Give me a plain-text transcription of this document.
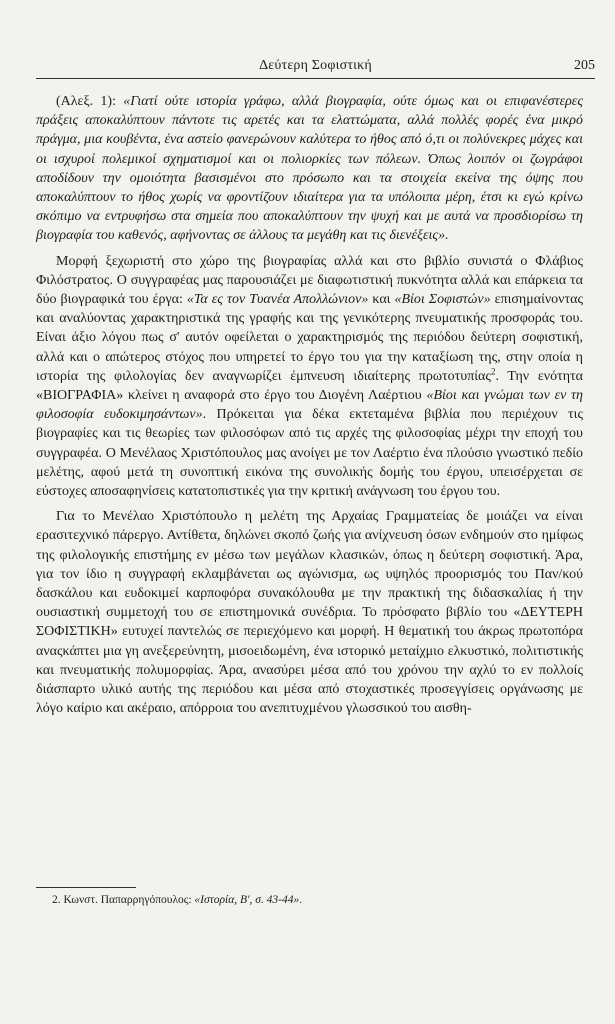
Δεύτερη Σοφιστική	205

(Αλεξ. 1): «Γιατί ούτε ιστορία γράφω, αλλά βιογραφία, ούτε όμως και οι επιφανέστερες πράξεις αποκαλύπτουν πάντοτε τις αρετές και τα ελαττώματα, αλλά πολλές φορές ένα μικρό πράγμα, μια κουβέντα, ένα αστείο φανερώνουν καλύτερα το ήθος από ό,τι οι πολύνεκρες μάχες και οι ισχυροί πολεμικοί σχηματισμοί και οι πολιορκίες των πόλεων. Όπως λοιπόν οι ζωγράφοι αποδίδουν την ομοιότητα βασισμένοι στο πρόσωπο και τα στοιχεία εκείνα της όψης που αποκαλύπτουν το ήθος χωρίς να φροντίζουν ιδιαίτερα για τα υπόλοιπα μέρη, έτσι κι εγώ κρίνω σκόπιμο να εντρυφήσω στα σημεία που αποκαλύπτουν την ψυχή και με αυτά να προσδιορίσω τη βιογραφία του καθενός, αφήνοντας σε άλλους τα μεγάθη και τις διενέξεις».

Μορφή ξεχωριστή στο χώρο της βιογραφίας αλλά και στο βιβλίο συνιστά ο Φλάβιος Φιλόστρατος. Ο συγγραφέας μας παρουσιάζει με διαφωτιστική πυκνότητα αλλά και επάρκεια τα δύο βιογραφικά του έργα: «Τα ες τον Τυανέα Απολλώνιον» και «Βίοι Σοφιστών» επισημαίνοντας και αναλύοντας χαρακτηριστικά της γραφής και της γενικότερης πνευματικής προσφοράς του. Είναι άξιο λόγου πως σ' αυτόν οφείλεται ο χαρακτηρισμός της περιόδου δεύτερη σοφιστική, αλλά και ο απώτερος στόχος που υπηρετεί το έργο του για την καταξίωση της, στην οποία η ιστορία της φιλολογίας δεν αναγνωρίζει έμπνευση ιδιαίτερης πρωτοτυπίας$^2$. Την ενότητα «ΒΙΟΓΡΑΦΙΑ» κλείνει η αναφορά στο έργο του Διογένη Λαέρτιου «Βίοι και γνώμαι των εν τη φιλοσοφία ευδοκιμησάντων». Πρόκειται για δέκα εκτεταμένα βιβλία που περιέχουν τις βιογραφίες και τις θεωρίες των φιλοσόφων από τις αρχές της φιλοσοφίας μέχρι την εποχή του συγγραφέα. Ο Μενέλαος Χριστόπουλος μας ανοίγει με τον Λαέρτιο ένα πλούσιο γνωστικό πεδίο μελέτης, αφού μετά τη συνοπτική εικόνα της συνολικής δομής του έργου, υπεισέρχεται σε εύστοχες αποσαφηνίσεις κατατοπιστικές για την κριτική ανάγνωση του έργου του.

Για το Μενέλαο Χριστόπουλο η μελέτη της Αρχαίας Γραμματείας δε μοιάζει να είναι ερασιτεχνικό πάρεργο. Αντίθετα, δηλώνει σκοπό ζωής για ανίχνευση όσων ενδημούν στο ημίφως της φιλολογικής επιστήμης εν μέσω των μεγάλων κλασικών, όπως η δεύτερη σοφιστική. Άρα, για τον ίδιο η συγγραφή εκλαμβάνεται ως αγώνισμα, ως υψηλός προορισμός του Παν/κού δασκάλου και ευδοκιμεί καρποφόρα συνακόλουθα με την πρακτική της διδασκαλίας ή την ουσιαστική συμμετοχή του σε επιστημονικά συνέδρια. Το πρόσφατο βιβλίο του «ΔΕΥΤΕΡΗ ΣΟΦΙΣΤΙΚΗ» ευτυχεί παντελώς σε περιεχόμενο και μορφή. Η θεματική του άκρως πρωτοπόρα αναςκάπτει μια γη ανεξερεύνητη, μισοειδωμένη, ένα ιστορικό μεταίχμιο ελκυστικό, πολιτιστικής και πνευματικής πολυμορφίας. Άρα, ανασύρει μέσα από του χρόνου την αχλύ το εν πολλοίς διάσπαρτο υλικό αυτής της περιόδου και μέσα από στοχαστικές προσεγγίσεις οργάνωσης με λόγο καίριο και ακέραιο, απόρροια του ανεπιτυχμένου γλωσσικού του αισθη-

2. Κωνστ. Παπαρρηγόπουλος: «Ιστορία, Β', σ. 43-44».
